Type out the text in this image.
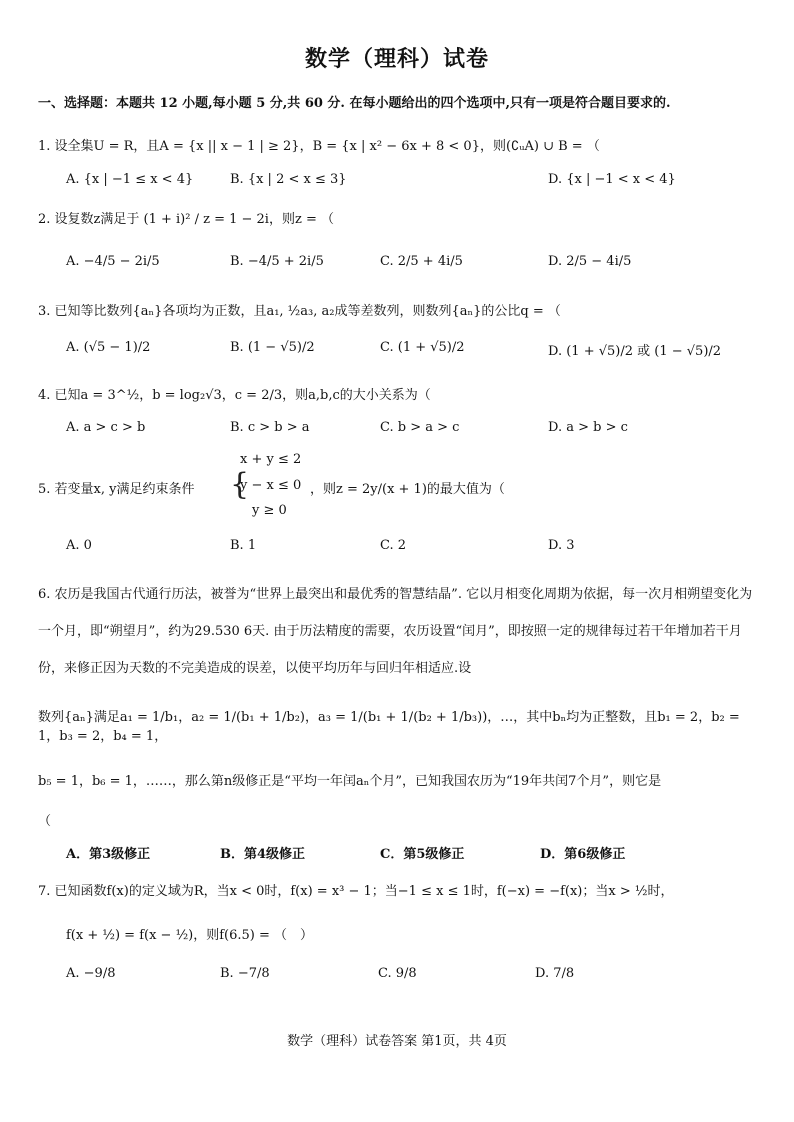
数学（理科）试卷
一、选择题：本题共 12 小题,每小题 5 分,共 60 分. 在每小题给出的四个选项中,只有一项是符合题目要求的.
1. 设全集U = R，且A = {x || x − 1 | ≥ 2}，B = {x | x² − 6x + 8 < 0}，则(∁ᵤA) ∪ B = （
A. {x | −1 ≤ x < 4}	B. {x | 2 < x ≤ 3}	D. {x | −1 < x < 4}
2. 设复数z满足于 (1 + i)² / z = 1 − 2i，则z = （
A. −4/5 − 2i/5	B. −4/5 + 2i/5	C. 2/5 + 4i/5	D. 2/5 − 4i/5
3. 已知等比数列{aₙ}各项均为正数，且a₁, ½a₃, a₂成等差数列，则数列{aₙ}的公比q = （
A. (√5 − 1)/2	B. (1 − √5)/2	C. (1 + √5)/2	D. (1 + √5)/2 或 (1 − √5)/2
4. 已知a = 3^½，b = log₂√3，c = 2/3，则a,b,c的大小关系为（
A. a > c > b	B. c > b > a	C. b > a > c	D. a > b > c
x + y ≤ 2
5. 若变量x, y满足约束条件 {
y − x ≤ 0 ，则z = 2y/(x + 1)的最大值为（
y ≥ 0
A. 0	B. 1	C. 2	D. 3
6. 农历是我国古代通行历法，被誉为“世界上最突出和最优秀的智慧结晶”. 它以月相变化周期为依据，每一次月相朔望变化为一个月，即“朔望月”，约为29.530 6天. 由于历法精度的需要，农历设置“闰月”，即按照一定的规律每过若干年增加若干月份，来修正因为天数的不完美造成的误差，以使平均历年与回归年相适应.设
数列{aₙ}满足a₁ = 1/b₁，a₂ = 1/(b₁ + 1/b₂)，a₃ = 1/(b₁ + 1/(b₂ + 1/b₃))，…，其中bₙ均为正整数，且b₁ = 2，b₂ = 1，b₃ = 2，b₄ = 1，
b₅ = 1，b₆ = 1，……，那么第n级修正是“平均一年闰aₙ个月”，已知我国农历为“19年共闰7个月”，则它是
（
A．第3级修正	B．第4级修正	C．第5级修正	D．第6级修正
7. 已知函数f(x)的定义域为R，当x < 0时，f(x) = x³ − 1；当−1 ≤ x ≤ 1时，f(−x) = −f(x)；当x > ½时，
f(x + ½) = f(x − ½)，则f(6.5) = （　）
A. −9/8	B. −7/8	C. 9/8	D. 7/8
数学（理科）试卷答案 第1页，共 4页
